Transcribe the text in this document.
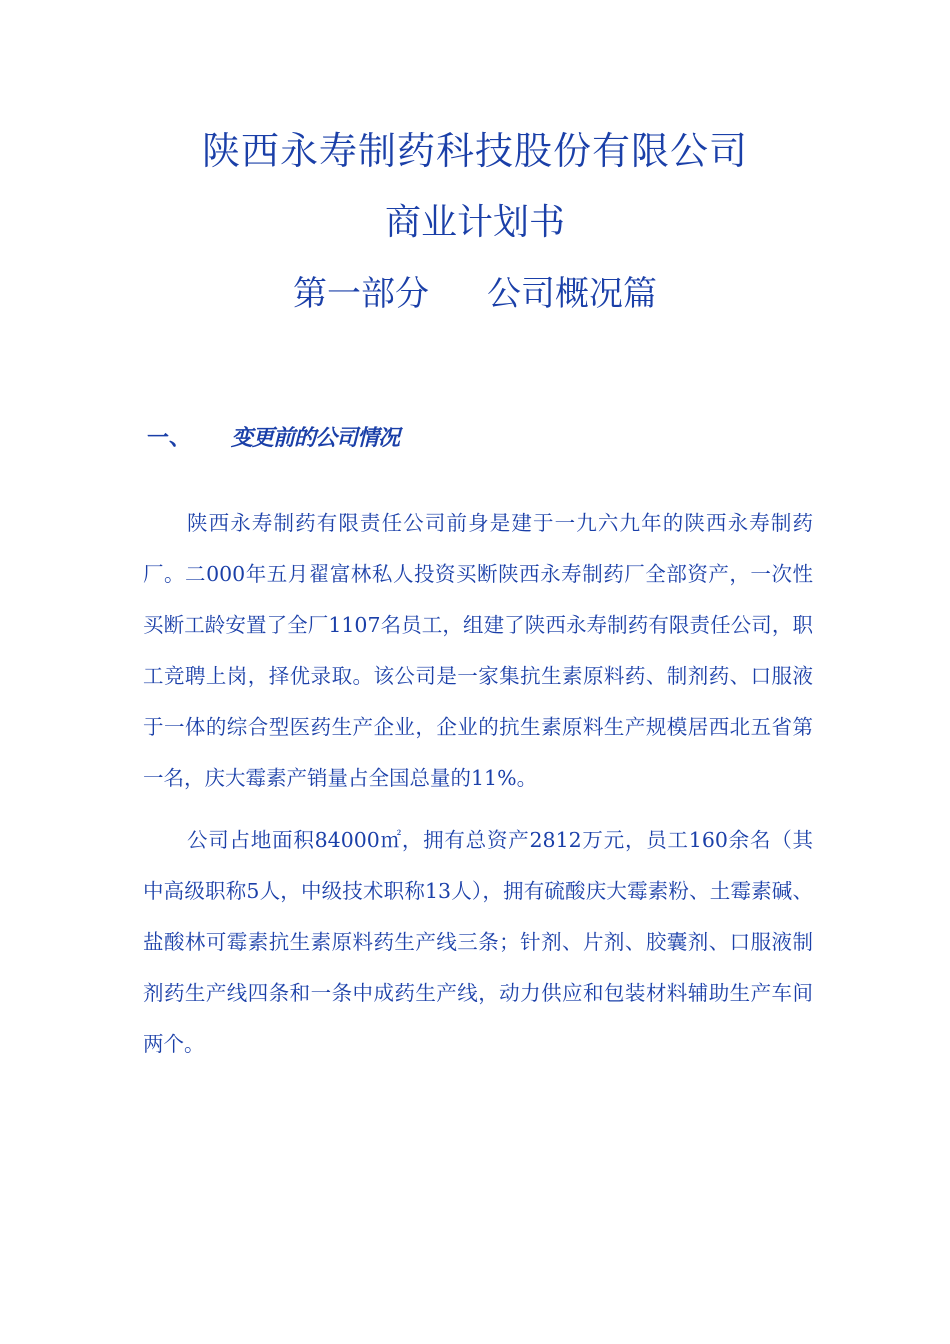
陕西永寿制药科技股份有限公司
商业计划书
第一部分 公司概况篇
一、 变更前的公司情况

陕西永寿制药有限责任公司前身是建于一九六九年的陕西永寿制药厂。二000年五月翟富林私人投资买断陕西永寿制药厂全部资产，一次性买断工龄安置了全厂1107名员工，组建了陕西永寿制药有限责任公司，职工竞聘上岗，择优录取。该公司是一家集抗生素原料药、制剂药、口服液于一体的综合型医药生产企业，企业的抗生素原料生产规模居西北五省第一名，庆大霉素产销量占全国总量的11%。

公司占地面积84000㎡，拥有总资产2812万元，员工160余名（其中高级职称5人，中级技术职称13人），拥有硫酸庆大霉素粉、土霉素碱、盐酸林可霉素抗生素原料药生产线三条；针剂、片剂、胶囊剂、口服液制剂药生产线四条和一条中成药生产线，动力供应和包装材料辅助生产车间两个。
